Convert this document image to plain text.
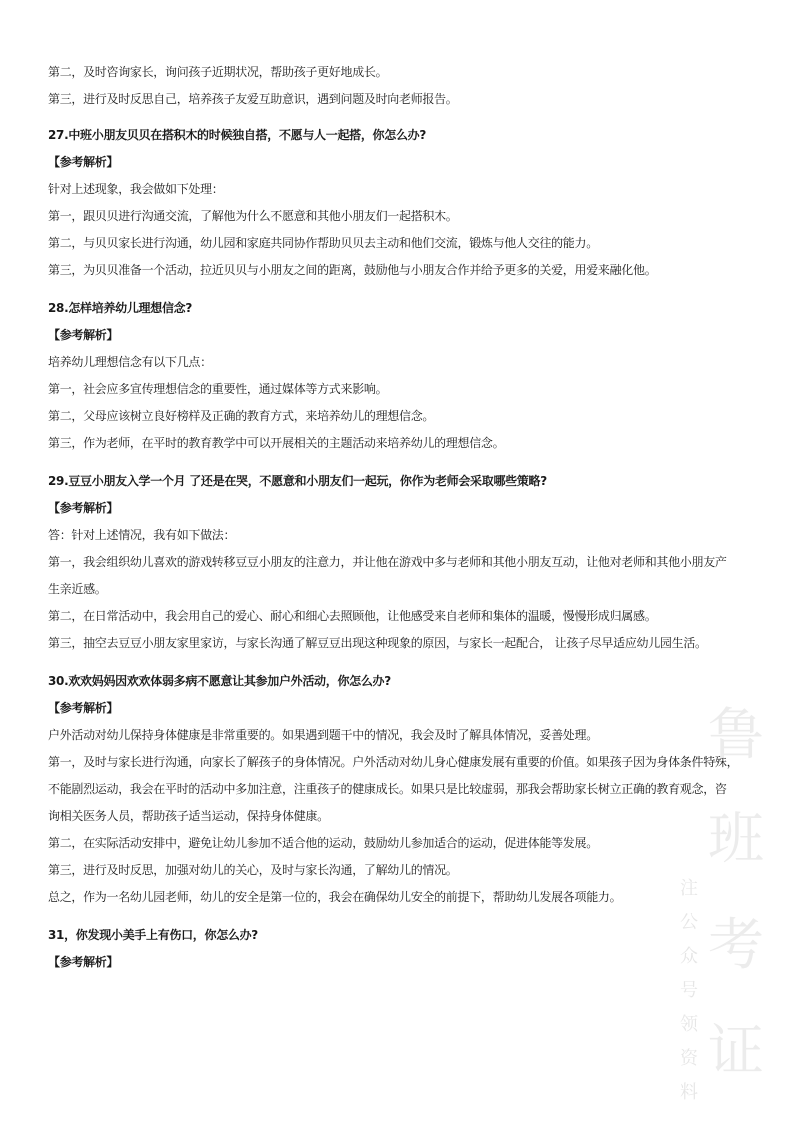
第二，及时咨询家长，询问孩子近期状况，帮助孩子更好地成长。
第三，进行及时反思自己，培养孩子友爱互助意识，遇到问题及时向老师报告。
27.中班小朋友贝贝在搭积木的时候独自搭，不愿与人一起搭，你怎么办?
【参考解析】
针对上述现象，我会做如下处理：
第一，跟贝贝进行沟通交流，了解他为什么不愿意和其他小朋友们一起搭积木。
第二，与贝贝家长进行沟通，幼儿园和家庭共同协作帮助贝贝去主动和他们交流，锻炼与他人交往的能力。
第三，为贝贝准备一个活动，拉近贝贝与小朋友之间的距离，鼓励他与小朋友合作并给予更多的关爱，用爱来融化他。
28.怎样培养幼儿理想信念?
【参考解析】
培养幼儿理想信念有以下几点：
第一，社会应多宣传理想信念的重要性，通过媒体等方式来影响。
第二，父母应该树立良好榜样及正确的教育方式，来培养幼儿的理想信念。
第三，作为老师，在平时的教育教学中可以开展相关的主题活动来培养幼儿的理想信念。
29.豆豆小朋友入学一个月 了还是在哭，不愿意和小朋友们一起玩，你作为老师会采取哪些策略?
【参考解析】
答：针对上述情况，我有如下做法：
第一，我会组织幼儿喜欢的游戏转移豆豆小朋友的注意力，并让他在游戏中多与老师和其他小朋友互动，让他对老师和其他小朋友产
生亲近感。
第二，在日常活动中，我会用自己的爱心、耐心和细心去照顾他，让他感受来自老师和集体的温暖，慢慢形成归属感。
第三，抽空去豆豆小朋友家里家访，与家长沟通了解豆豆出现这种现象的原因，与家长一起配合， 让孩子尽早适应幼儿园生活。
30.欢欢妈妈因欢欢体弱多病不愿意让其参加户外活动，你怎么办?
【参考解析】
户外活动对幼儿保持身体健康是非常重要的。如果遇到题干中的情况，我会及时了解具体情况，妥善处理。
第一，及时与家长进行沟通，向家长了解孩子的身体情况。户外活动对幼儿身心健康发展有重要的价值。如果孩子因为身体条件特殊，
不能剧烈运动，我会在平时的活动中多加注意，注重孩子的健康成长。如果只是比较虚弱，那我会帮助家长树立正确的教育观念，咨
询相关医务人员，帮助孩子适当运动，保持身体健康。
第二，在实际活动安排中，避免让幼儿参加不适合他的运动，鼓励幼儿参加适合的运动，促进体能等发展。
第三，进行及时反思，加强对幼儿的关心，及时与家长沟通，了解幼儿的情况。
总之，作为一名幼儿园老师，幼儿的安全是第一位的，我会在确保幼儿安全的前提下，帮助幼儿发展各项能力。
31，你发现小美手上有伤口，你怎么办?
【参考解析】
鲁
班
考
证
注
公
众
号
领
资
料
